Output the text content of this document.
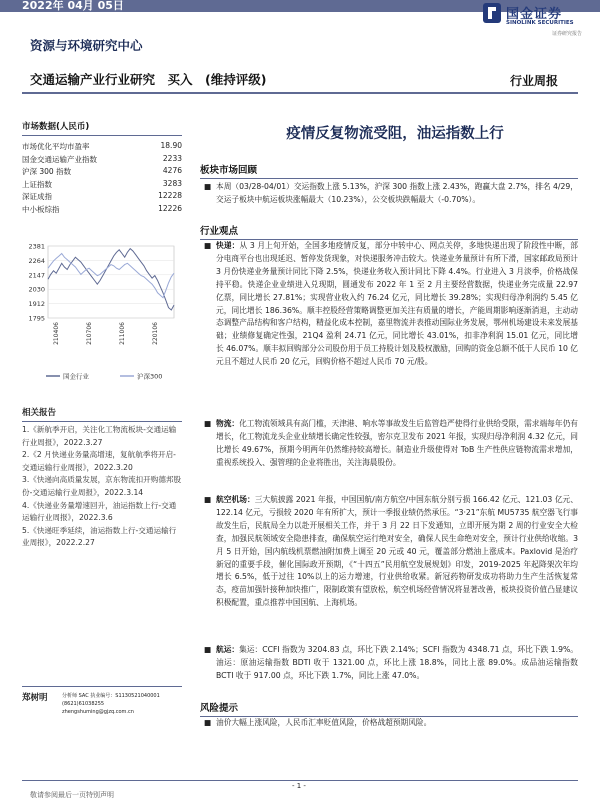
2022年 04月 05日
国金证券
SINOLINK SECURITIES
证券研究报告
资源与环境研究中心
交通运输产业行业研究　买入　(维持评级)	行业周报
市场数据(人民币)
市场优化平均市盈率	18.90
国金交通运输产业指数	2233
沪深 300 指数	4276
上证指数	3283
深证成指	12228
中小板综指	12226
2381
2264
2147
2030
1912
1795
210406	210706	211006	220106
国金行业	沪深300
相关报告

1.《新航季开启，关注化工物流板块-交通运输行业周报》，2022.3.27

2.《2 月快递业务量高增速，复航航季将开启-交通运输行业周报》，2022.3.20

3.《快递向高质量发展，京东物流扣开购德邦股份-交通运输行业周报》，2022.3.14

4.《快递业务量增速回升，油运指数上行-交通运输行业周报》，2022.3.6

5.《快递旺季延续，油运指数上行-交通运输行业周报》，2022.2.27

郑树明	分析师 SAC 执业编号：S1130521040001
(8621)61038255
zhengshuming@gjzq.com.cn
疫情反复物流受阻，油运指数上行
板块市场回顾
■ 本周（03/28-04/01）交运指数上涨 5.13%，沪深 300 指数上涨 2.43%，跑赢大盘 2.7%，排名 4/29，交运子板块中航运板块涨幅最大（10.23%），公交板块跌幅最大（-0.70%）。
行业观点
■ 快递：从 3 月上旬开始，全国多地疫情反复，部分中转中心、网点关停，多地快递出现了阶段性中断，部分电商平台也出现延迟、暂停发货现象，对快递服务冲击较大。快递业务量预计有所下滑，国家邮政局预计 3 月份快递业务量预计同比下降 2.5%，快递业务收入预计同比下降 4.4%。行业进入 3 月淡季，价格战保持平稳。快递企业业绩进入兑现期，圆通发布 2022 年 1 至 2 月主要经营数据，快递业务完成量 22.97 亿票，同比增长 27.81%；实现营业收入约 76.24 亿元，同比增长 39.28%；实现归母净利润约 5.45 亿元，同比增长 186.36%。顺丰控股经营策略调整更加关注有质量的增长，产能周期影响逐渐消退，主动动态调整产品结构和客户结构，精益化成本控制，嘉里物流并表推动国际业务发展，鄂州机场建设未来发展基础；业绩修复确定性强，21Q4 盈利 24.71 亿元，同比增长 43.01%，扣非净利润 15.01 亿元，同比增长 46.07%。顺丰拟回购部分公司股份用于员工持股计划及股权激励，回购的资金总额不低于人民币 10 亿元且不超过人民币 20 亿元，回购价格不超过人民币 70 元/股。
■ 物流：化工物流领域具有高门槛，天津港、响水等事故发生后监管趋严使得行业供给受限，需求端每年仍有增长，化工物流龙头企业业绩增长确定性较强，密尔克卫发布 2021 年报，实现归母净利润 4.32 亿元，同比增长 49.67%，预期今明两年仍然维持较高增长。制造业升级使得对 ToB 生产性供应链物流需求增加，重视系统投入、强管理的企业将胜出，关注海晨股份。
■ 航空机场：三大航披露 2021 年报，中国国航/南方航空/中国东航分别亏损 166.42 亿元、121.03 亿元、122.14 亿元，亏损较 2020 年有所扩大，预计一季报业绩仍然承压。“3·21”东航 MU5735 航空器飞行事故发生后，民航局全力以赴开展相关工作，并于 3 月 22 日下发通知，立即开展为期 2 周的行业安全大检查，加强民航领域安全隐患排查，确保航空运行绝对安全，确保人民生命绝对安全，预计行业供给收缩。3 月 5 日开始，国内航线机票燃油附加费上调至 20 元或 40 元，覆盖部分燃油上涨成本。Paxlovid 是治疗新冠的重要手段，催化国际政开预期，《“十四五”民用航空发展规划》印发，2019-2025 年起降架次年均增长 6.5%，低于过往 10%以上的运力增速，行业供给收紧。新冠药物研发成功将助力生产生活恢复常态，疫苗加强针接种加快推广，限制政策有望放松，航空机场经营情况将显著改善，板块投资价值凸显建议积极配置，重点推荐中国国航、上海机场。
■ 航运：集运：CCFI 指数为 3204.83 点，环比下跌 2.14%；SCFI 指数为 4348.71 点，环比下跌 1.9%。油运：原油运输指数 BDTI 收于 1321.00 点，环比上涨 18.8%，同比上涨 89.0%。成品油运输指数 BCTI 收于 917.00 点，环比下跌 1.7%，同比上涨 47.0%。
风险提示
■ 油价大幅上涨风险，人民币汇率贬值风险，价格战超预期风险。
- 1 -
敬请参阅最后一页特别声明
